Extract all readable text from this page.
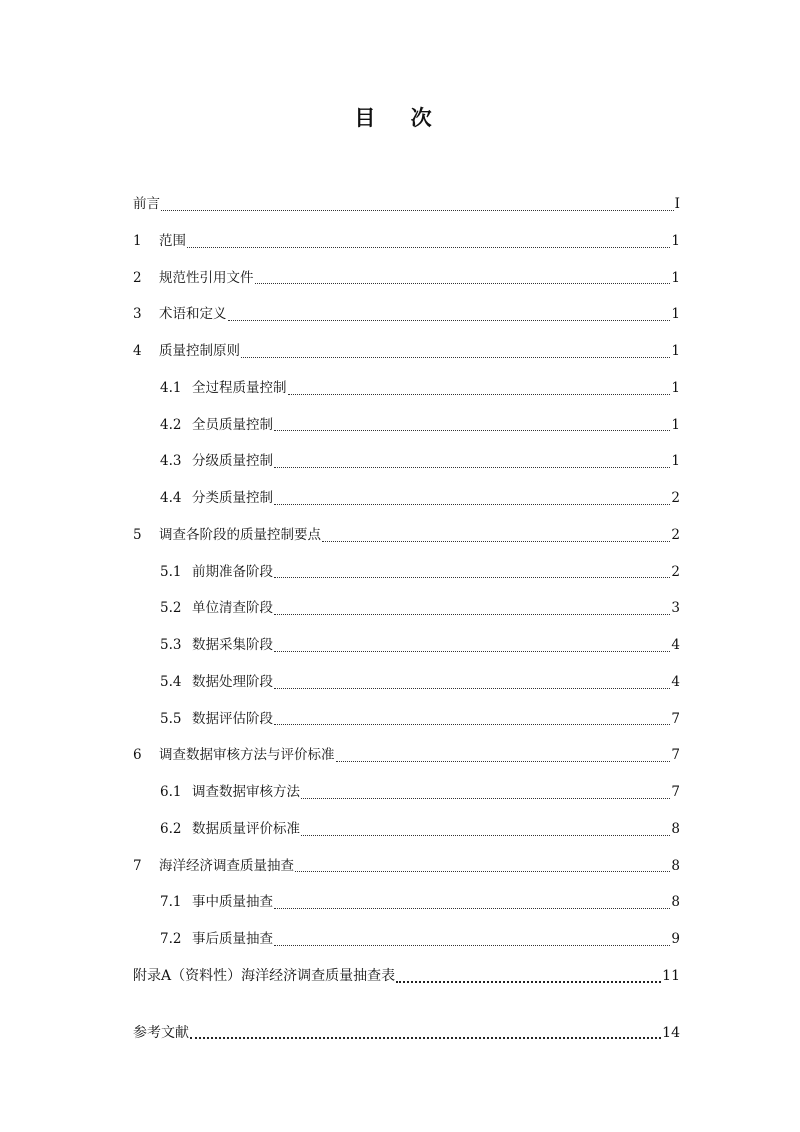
目 次
前言	I
1 范围	1
2 规范性引用文件	1
3 术语和定义	1
4 质量控制原则	1
4.1 全过程质量控制	1
4.2 全员质量控制	1
4.3 分级质量控制	1
4.4 分类质量控制	2
5 调查各阶段的质量控制要点	2
5.1 前期准备阶段	2
5.2 单位清查阶段	3
5.3 数据采集阶段	4
5.4 数据处理阶段	4
5.5 数据评估阶段	7
6 调查数据审核方法与评价标准	7
6.1 调查数据审核方法	7
6.2 数据质量评价标准	8
7 海洋经济调查质量抽查	8
7.1 事中质量抽查	8
7.2 事后质量抽查	9
附录A（资料性）海洋经济调查质量抽查表	11
参考文献	14
